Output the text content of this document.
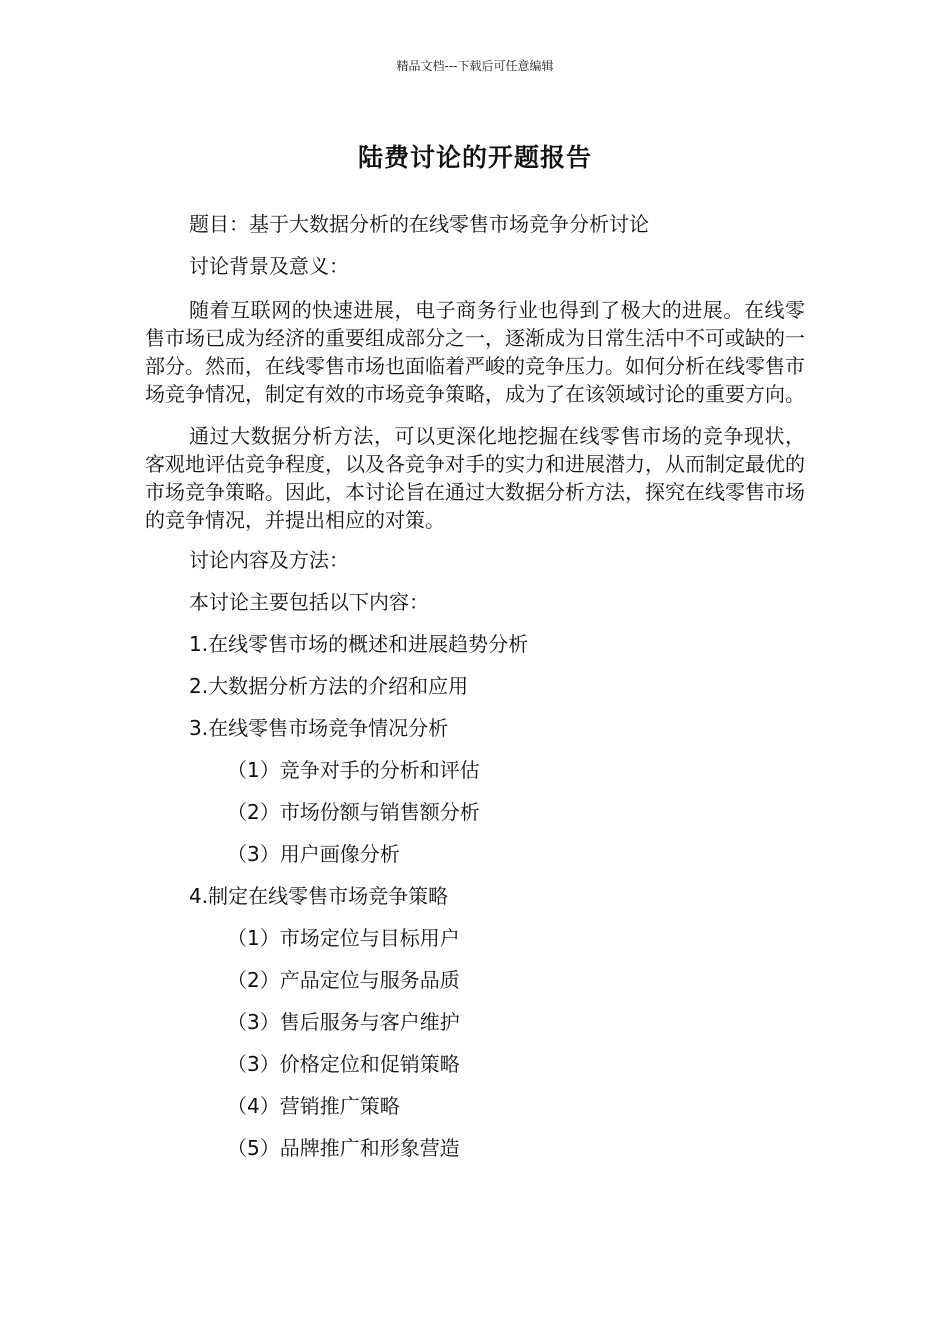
精品文档---下载后可任意编辑
陆费讨论的开题报告
题目：基于大数据分析的在线零售市场竞争分析讨论
讨论背景及意义：
随着互联网的快速进展，电子商务行业也得到了极大的进展。在线零售市场已成为经济的重要组成部分之一，逐渐成为日常生活中不可或缺的一部分。然而，在线零售市场也面临着严峻的竞争压力。如何分析在线零售市场竞争情况，制定有效的市场竞争策略，成为了在该领域讨论的重要方向。
通过大数据分析方法，可以更深化地挖掘在线零售市场的竞争现状，客观地评估竞争程度，以及各竞争对手的实力和进展潜力，从而制定最优的市场竞争策略。因此，本讨论旨在通过大数据分析方法，探究在线零售市场的竞争情况，并提出相应的对策。
讨论内容及方法：
本讨论主要包括以下内容：
1.在线零售市场的概述和进展趋势分析
2.大数据分析方法的介绍和应用
3.在线零售市场竞争情况分析
（1）竞争对手的分析和评估
（2）市场份额与销售额分析
（3）用户画像分析
4.制定在线零售市场竞争策略
（1）市场定位与目标用户
（2）产品定位与服务品质
（3）售后服务与客户维护
（3）价格定位和促销策略
（4）营销推广策略
（5）品牌推广和形象营造
